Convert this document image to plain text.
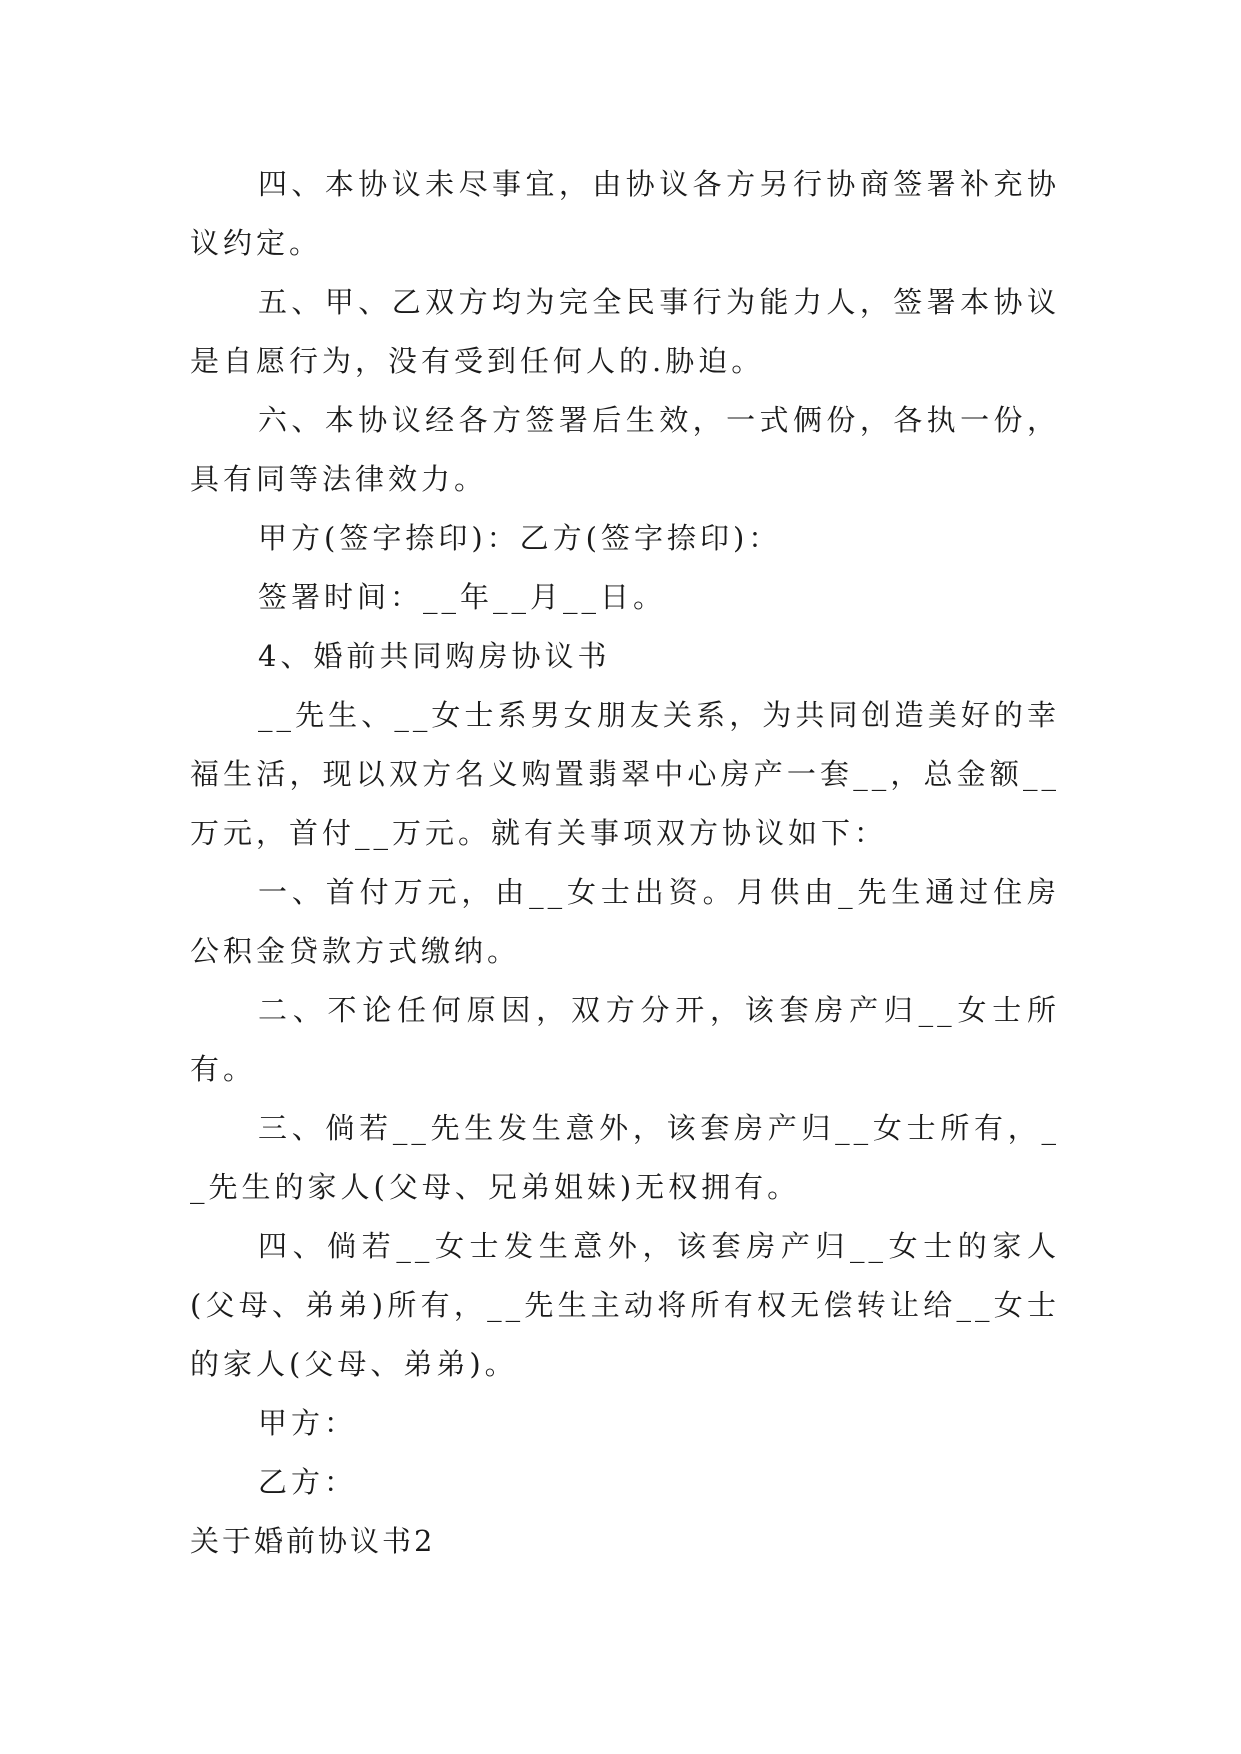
四、本协议未尽事宜，由协议各方另行协商签署补充协议约定。

五、甲、乙双方均为完全民事行为能力人，签署本协议是自愿行为，没有受到任何人的.胁迫。

六、本协议经各方签署后生效，一式俩份，各执一份，具有同等法律效力。

甲方(签字捺印)：乙方(签字捺印)：

签署时间：__年__月__日。

4、婚前共同购房协议书

__先生、__女士系男女朋友关系，为共同创造美好的幸福生活，现以双方名义购置翡翠中心房产一套__，总金额__万元，首付__万元。就有关事项双方协议如下：

一、首付万元，由__女士出资。月供由_先生通过住房公积金贷款方式缴纳。

二、不论任何原因，双方分开，该套房产归__女士所有。

三、倘若__先生发生意外，该套房产归__女士所有，__先生的家人(父母、兄弟姐妹)无权拥有。

四、倘若__女士发生意外，该套房产归__女士的家人(父母、弟弟)所有，__先生主动将所有权无偿转让给__女士的家人(父母、弟弟)。

甲方：

乙方：

关于婚前协议书2
